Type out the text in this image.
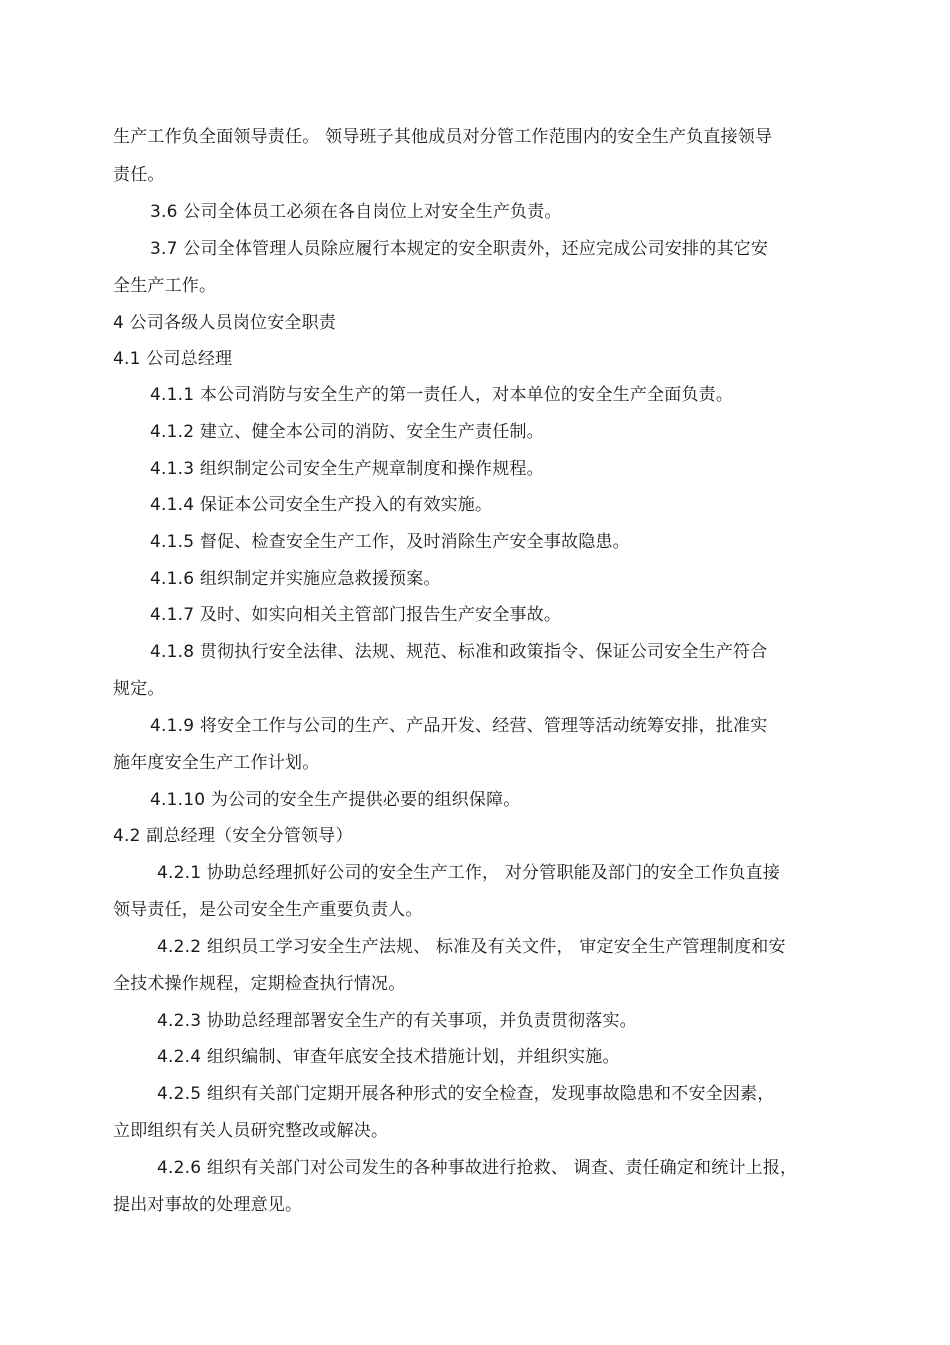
生产工作负全面领导责任。 领导班子其他成员对分管工作范围内的安全生产负直接领导
责任。
3.6 公司全体员工必须在各自岗位上对安全生产负责。
3.7 公司全体管理人员除应履行本规定的安全职责外，还应完成公司安排的其它安
全生产工作。
4 公司各级人员岗位安全职责
4.1 公司总经理
4.1.1 本公司消防与安全生产的第一责任人，对本单位的安全生产全面负责。
4.1.2 建立、健全本公司的消防、安全生产责任制。
4.1.3 组织制定公司安全生产规章制度和操作规程。
4.1.4 保证本公司安全生产投入的有效实施。
4.1.5 督促、检查安全生产工作，及时消除生产安全事故隐患。
4.1.6 组织制定并实施应急救援预案。
4.1.7 及时、如实向相关主管部门报告生产安全事故。
4.1.8 贯彻执行安全法律、法规、规范、标准和政策指令、保证公司安全生产符合
规定。
4.1.9 将安全工作与公司的生产、产品开发、经营、管理等活动统筹安排，批准实
施年度安全生产工作计划。
4.1.10 为公司的安全生产提供必要的组织保障。
4.2 副总经理（安全分管领导）
4.2.1 协助总经理抓好公司的安全生产工作， 对分管职能及部门的安全工作负直接
领导责任，是公司安全生产重要负责人。
4.2.2 组织员工学习安全生产法规、 标准及有关文件， 审定安全生产管理制度和安
全技术操作规程，定期检查执行情况。
4.2.3 协助总经理部署安全生产的有关事项，并负责贯彻落实。
4.2.4 组织编制、审查年底安全技术措施计划，并组织实施。
4.2.5 组织有关部门定期开展各种形式的安全检查，发现事故隐患和不安全因素，
立即组织有关人员研究整改或解决。
4.2.6 组织有关部门对公司发生的各种事故进行抢救、 调查、责任确定和统计上报，
提出对事故的处理意见。
